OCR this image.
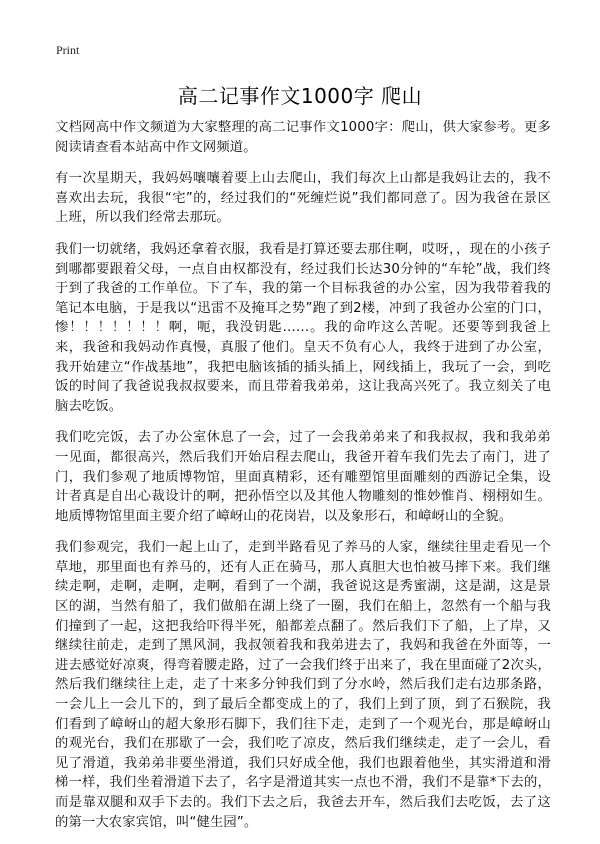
Print
高二记事作文1000字 爬山

文档网高中作文频道为大家整理的高二记事作文1000字：爬山，供大家参考。更多阅读请查看本站高中作文网频道。

有一次星期天，我妈妈嚷嚷着要上山去爬山，我们每次上山都是我妈让去的，我不喜欢出去玩，我很“宅”的，经过我们的“死缠烂说”我们都同意了。因为我爸在景区上班，所以我们经常去那玩。

我们一切就绪，我妈还拿着衣服，我看是打算还要去那住啊，哎呀，，现在的小孩子到哪都要跟着父母，一点自由权都没有，经过我们长达30分钟的“车轮”战，我们终于到了我爸的工作单位。下了车，我的第一个目标我爸的办公室，因为我带着我的笔记本电脑，于是我以“迅雷不及掩耳之势”跑了到2楼，冲到了我爸办公室的门口，惨！！！！！！！啊，呃，我没钥匙……。我的命咋这么苦呢。还要等到我爸上来，我爸和我妈动作真慢，真服了他们。皇天不负有心人，我终于进到了办公室，我开始建立“作战基地”，我把电脑该插的插头插上，网线插上，我玩了一会，到吃饭的时间了我爸说我叔叔要来，而且带着我弟弟，这让我高兴死了。我立刻关了电脑去吃饭。

我们吃完饭，去了办公室休息了一会，过了一会我弟弟来了和我叔叔，我和我弟弟一见面，都很高兴，然后我们开始启程去爬山，我爸开着车我们先去了南门，进了门，我们参观了地质博物馆，里面真精彩，还有雕塑馆里面雕刻的西游记全集，设计者真是自出心裁设计的啊，把孙悟空以及其他人物雕刻的惟妙惟肖、栩栩如生。地质博物馆里面主要介绍了嶂岈山的花岗岩，以及象形石，和嶂岈山的全貌。

我们参观完，我们一起上山了，走到半路看见了养马的人家，继续往里走看见一个草地，那里面也有养马的，还有人正在骑马，那人真胆大也怕被马摔下来。我们继续走啊，走啊，走啊，走啊，看到了一个湖，我爸说这是秀蜜湖，这是湖，这是景区的湖，当然有船了，我们做船在湖上绕了一圈，我们在船上，忽然有一个船与我们撞到了一起，这把我给吓得半死，船都差点翻了。然后我们下了船，上了岸，又继续往前走，走到了黑风洞，我叔领着我和我弟进去了，我妈和我爸在外面等，一进去感觉好凉爽，得弯着腰走路，过了一会我们终于出来了，我在里面碰了2次头，然后我们继续往上走，走了十来多分钟我们到了分水岭，然后我们走右边那条路，一会儿上一会儿下的，到了最后全都变成上的了，我们上到了顶，到了石猴院，我们看到了嶂岈山的超大象形石脚下，我们往下走，走到了一个观光台，那是嶂岈山的观光台，我们在那歇了一会，我们吃了凉皮，然后我们继续走，走了一会儿，看见了滑道，我弟弟非要坐滑道，我们只好成全他，我们也跟着他坐，其实滑道和滑梯一样，我们坐着滑道下去了，名字是滑道其实一点也不滑，我们不是靠*下去的，而是靠双腿和双手下去的。我们下去之后，我爸去开车，然后我们去吃饭，去了这的第一大农家宾馆，叫“健生园”。
